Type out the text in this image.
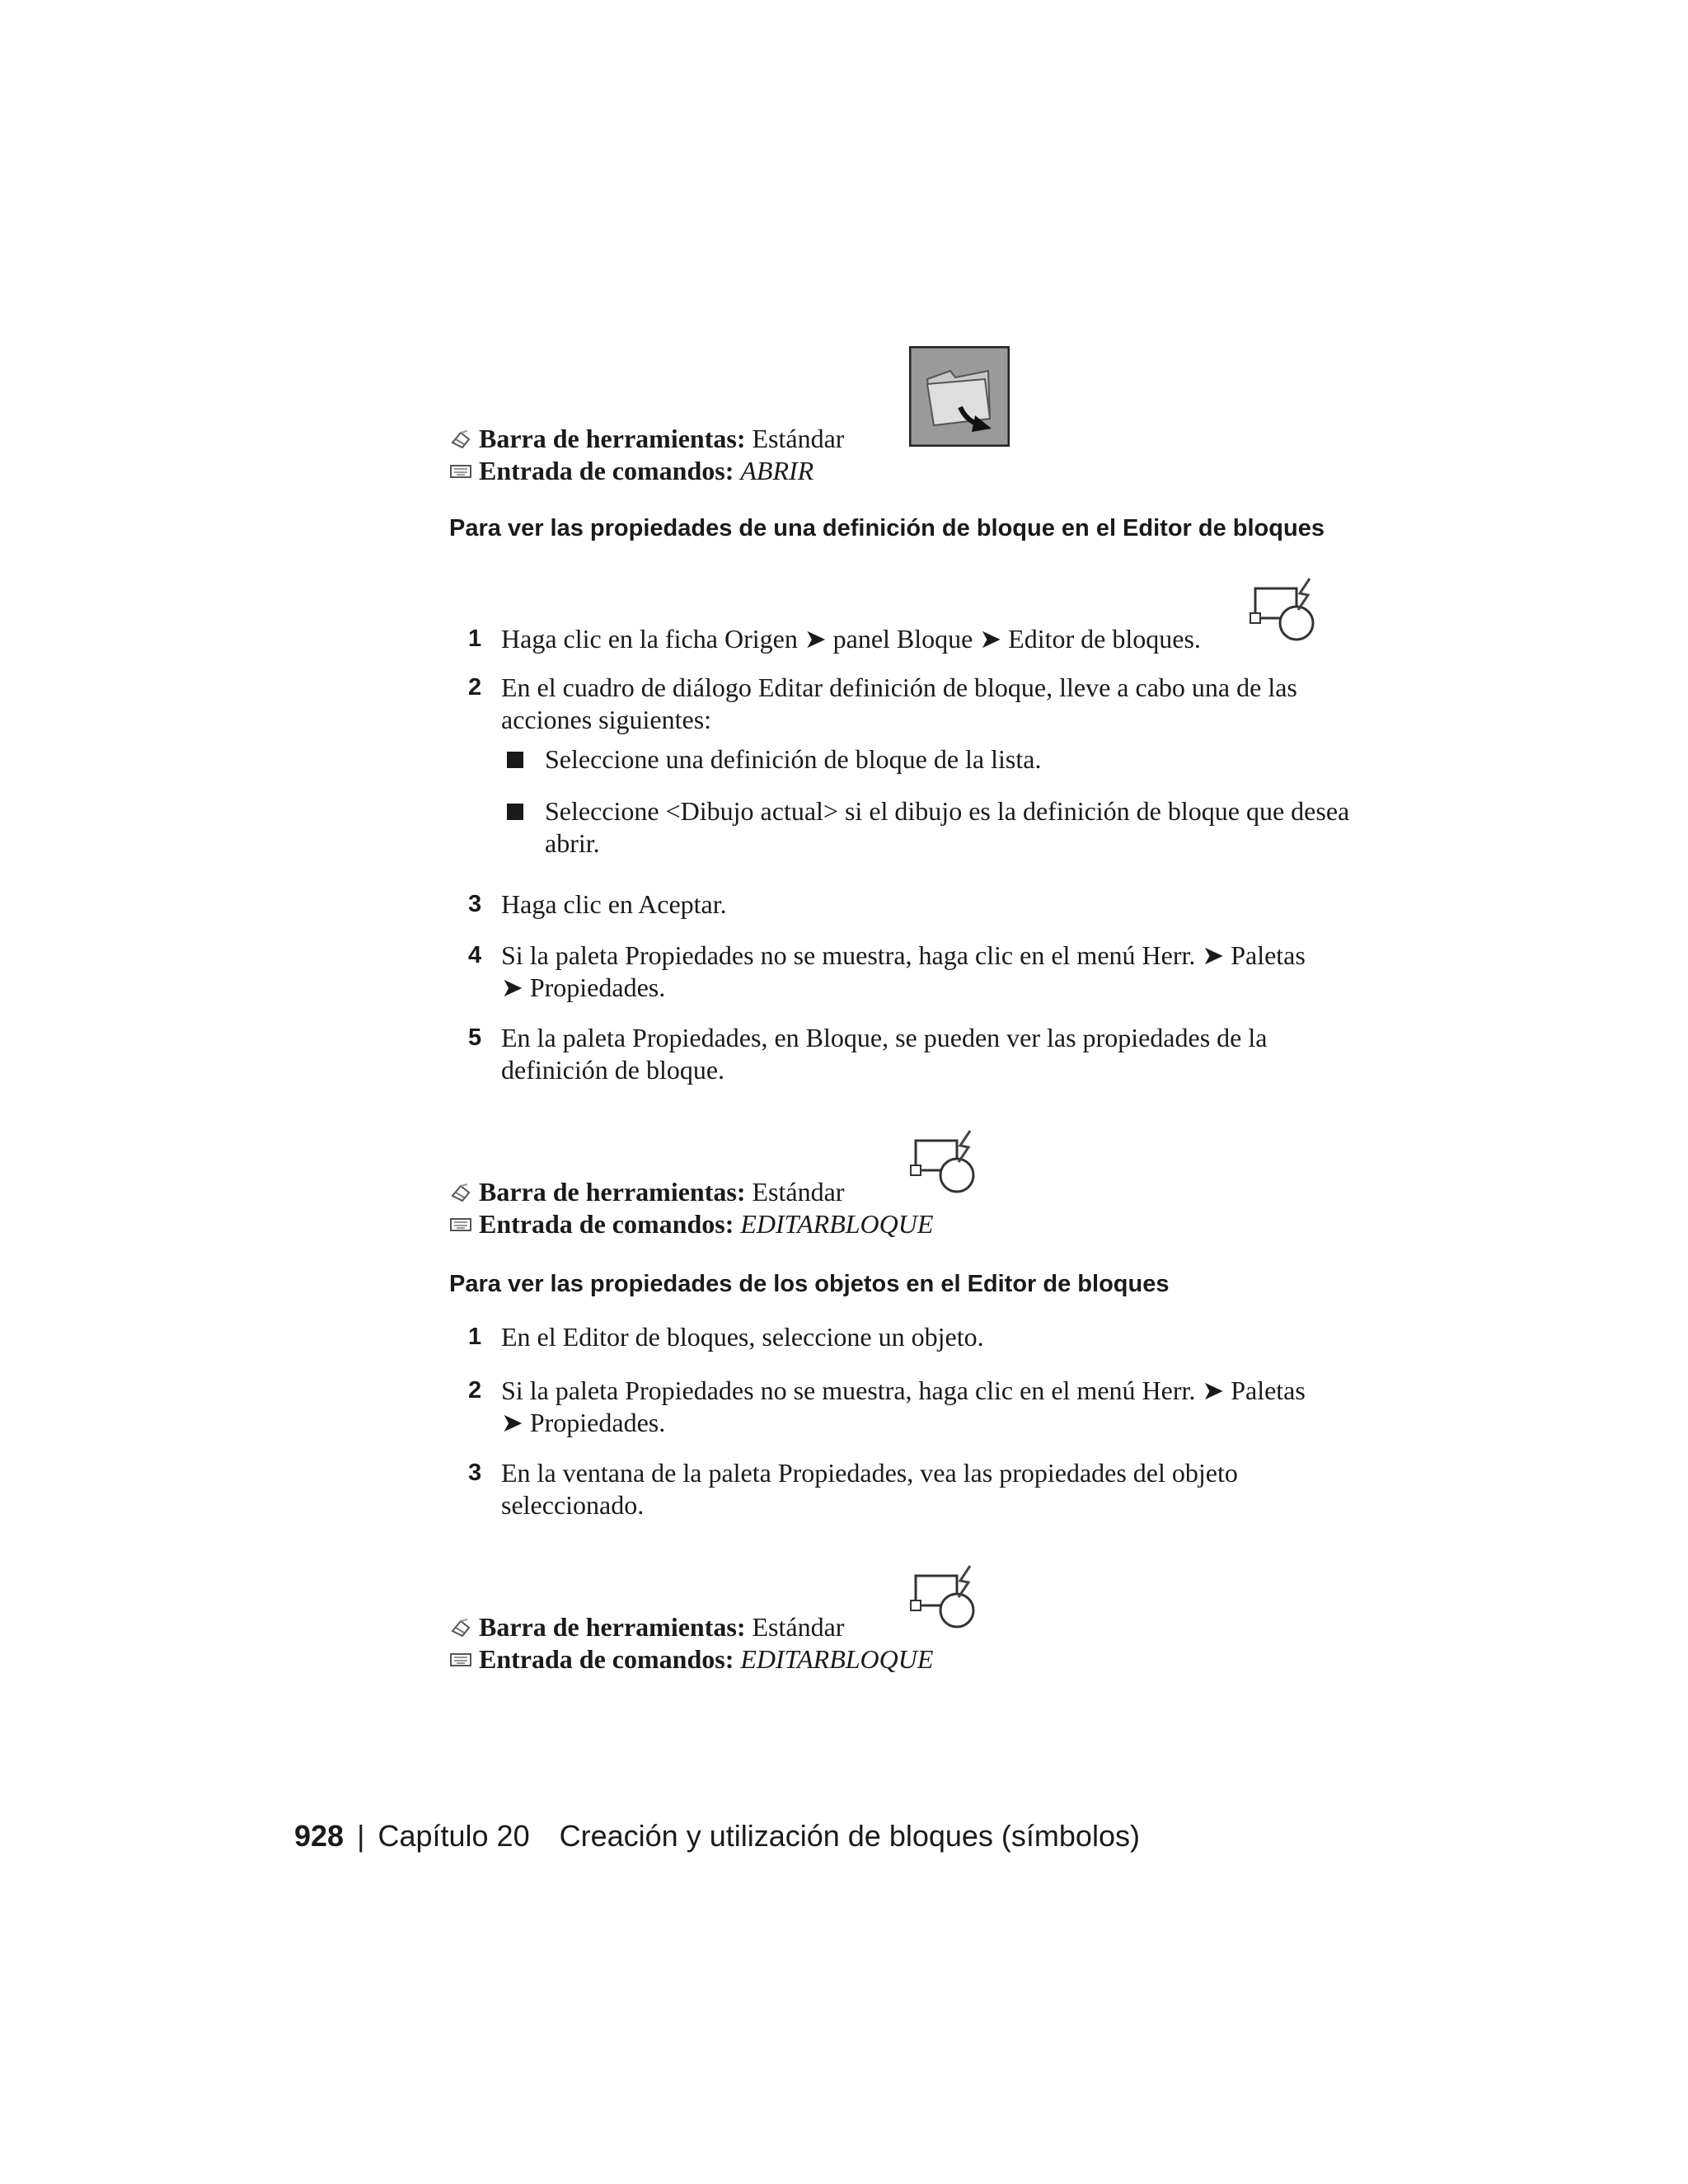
Barra de herramientas: Estándar
Entrada de comandos: ABRIR
Para ver las propiedades de una definición de bloque en el Editor de bloques
1 Haga clic en la ficha Origen ➤ panel Bloque ➤ Editor de bloques.
2 En el cuadro de diálogo Editar definición de bloque, lleve a cabo una de las acciones siguientes:
Seleccione una definición de bloque de la lista.
Seleccione <Dibujo actual> si el dibujo es la definición de bloque que desea abrir.
3 Haga clic en Aceptar.
4 Si la paleta Propiedades no se muestra, haga clic en el menú Herr. ➤ Paletas ➤ Propiedades.
5 En la paleta Propiedades, en Bloque, se pueden ver las propiedades de la definición de bloque.
Barra de herramientas: Estándar
Entrada de comandos: EDITARBLOQUE
Para ver las propiedades de los objetos en el Editor de bloques
1 En el Editor de bloques, seleccione un objeto.
2 Si la paleta Propiedades no se muestra, haga clic en el menú Herr. ➤ Paletas ➤ Propiedades.
3 En la ventana de la paleta Propiedades, vea las propiedades del objeto seleccionado.
Barra de herramientas: Estándar
Entrada de comandos: EDITARBLOQUE
928 | Capítulo 20 Creación y utilización de bloques (símbolos)
